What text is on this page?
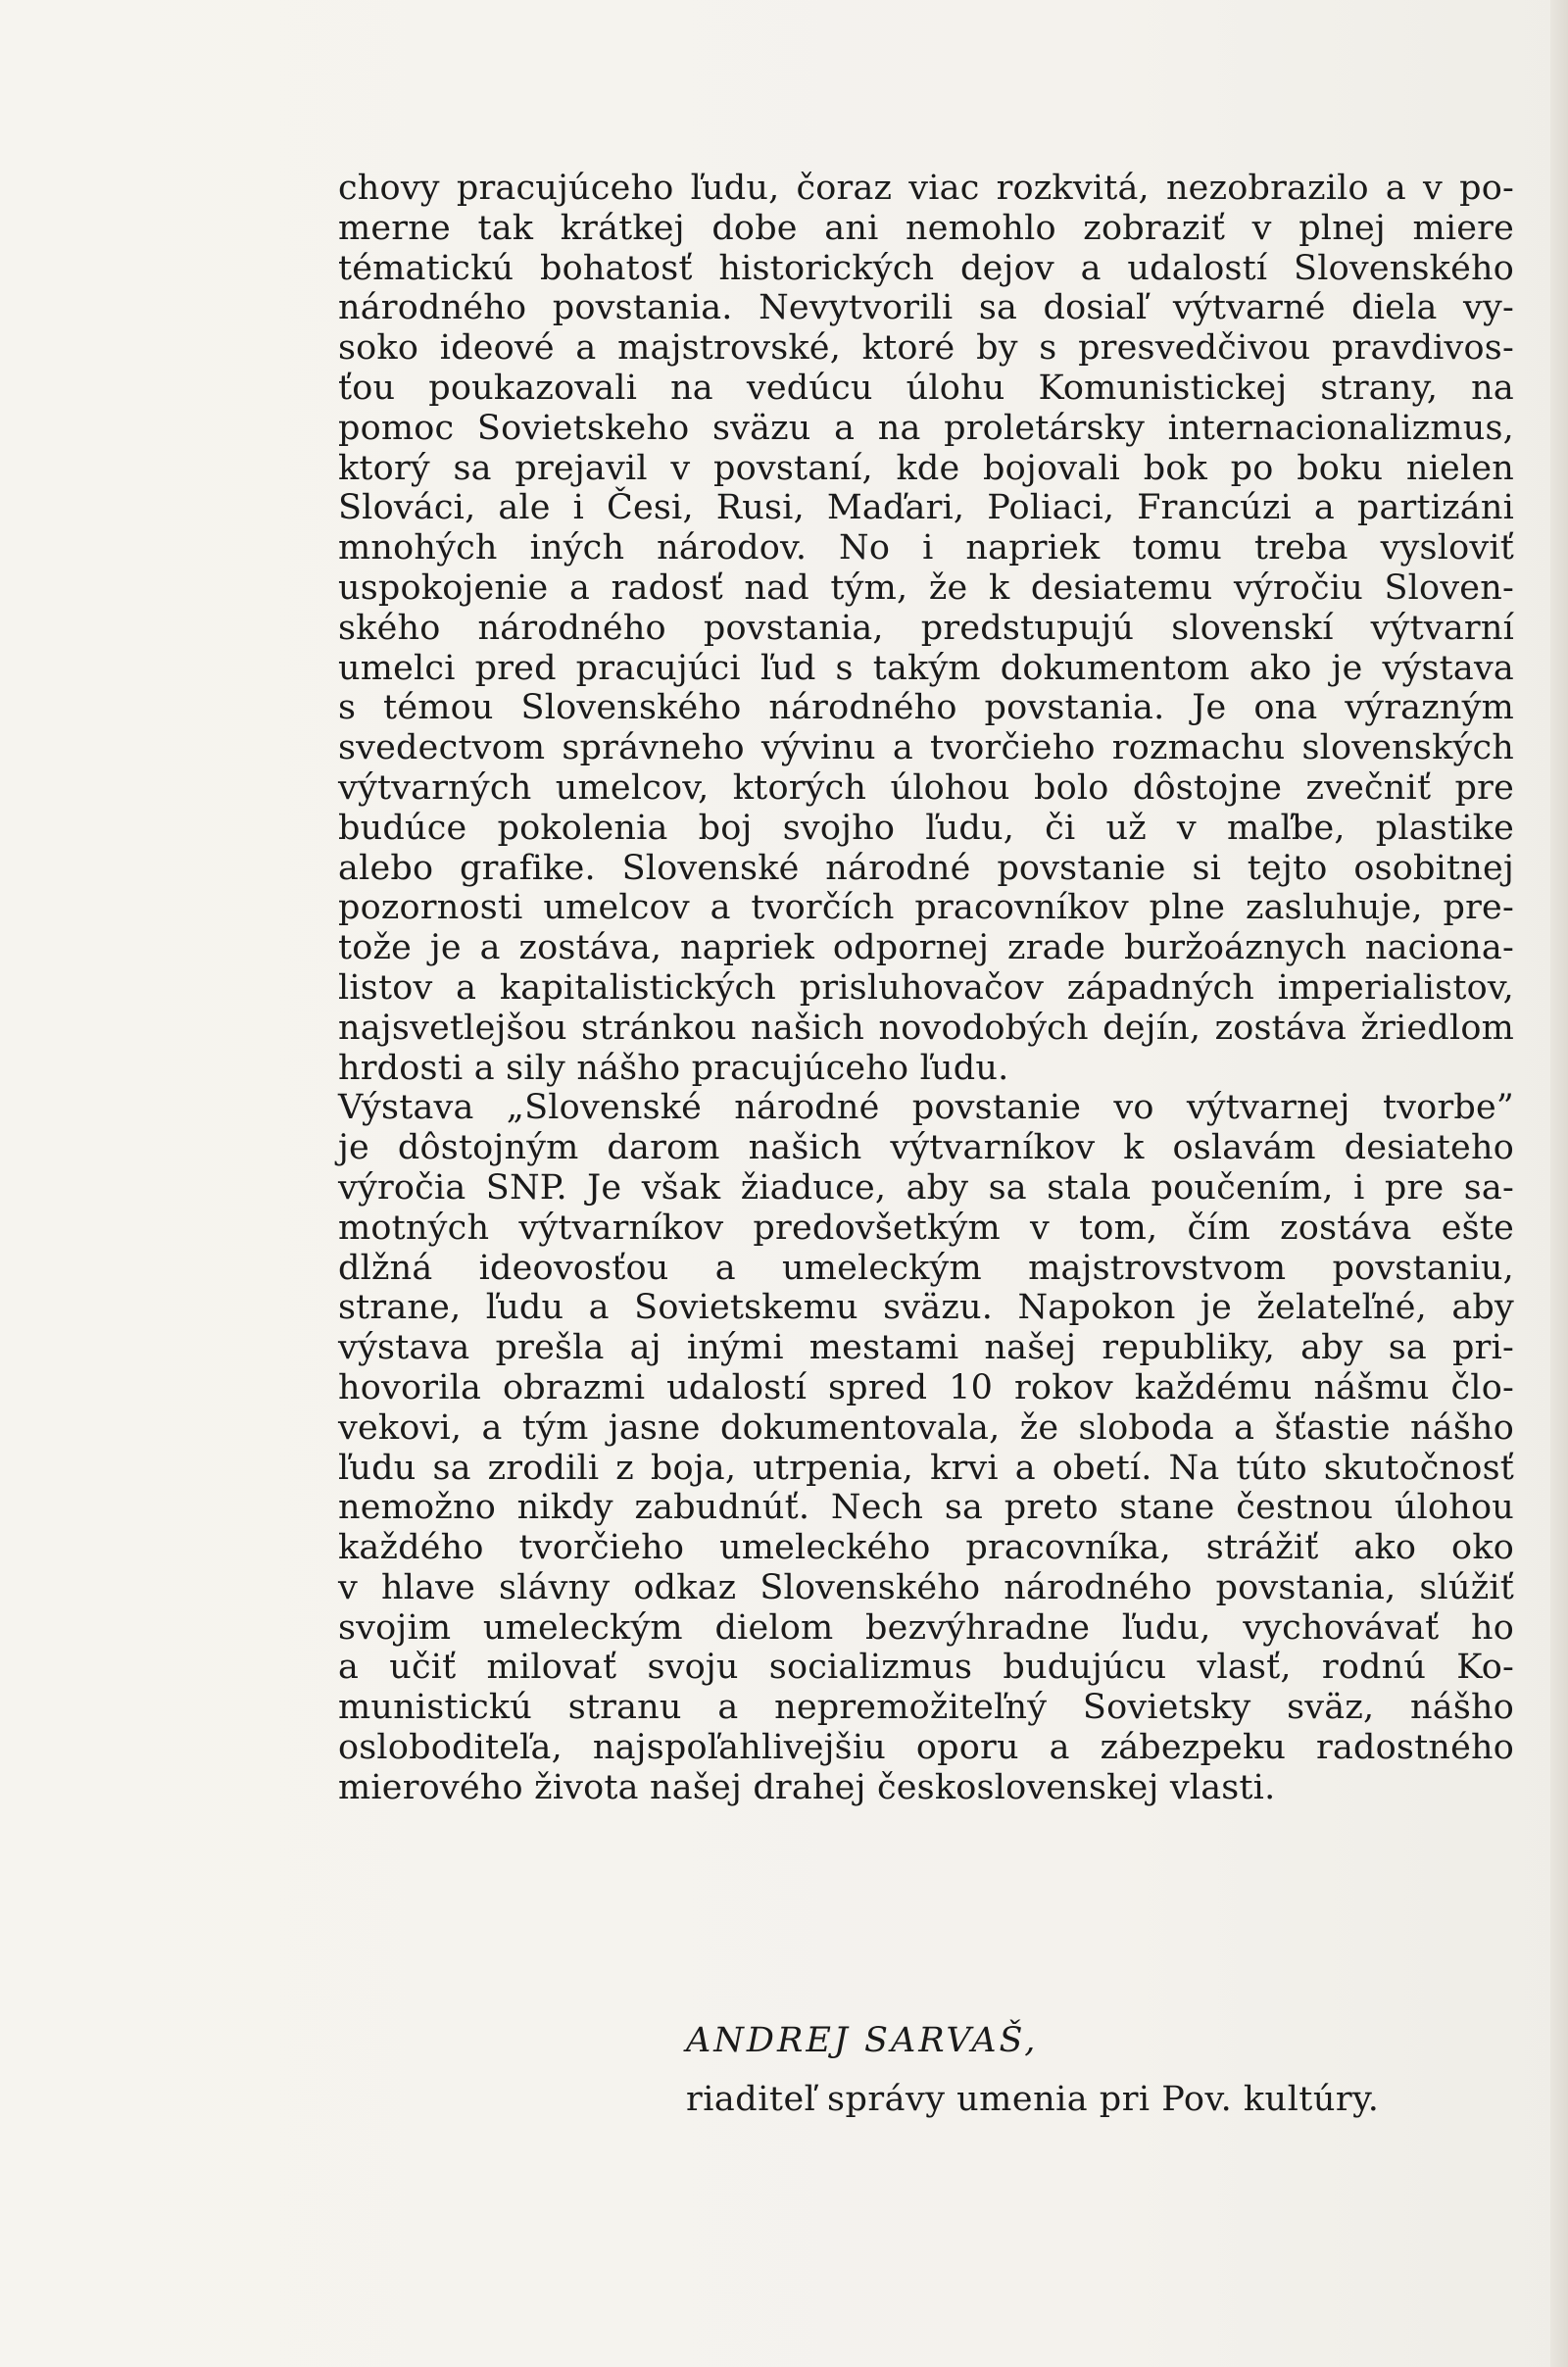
chovy pracujúceho ľudu, čoraz viac rozkvitá, nezobrazilo a v po-
merne tak krátkej dobe ani nemohlo zobraziť v plnej miere
tématickú bohatosť historických dejov a udalostí Slovenského
národného povstania. Nevytvorili sa dosiaľ výtvarné diela vy-
soko ideové a majstrovské, ktoré by s presvedčivou pravdivos-
ťou poukazovali na vedúcu úlohu Komunistickej strany, na
pomoc Sovietskeho sväzu a na proletársky internacionalizmus,
ktorý sa prejavil v povstaní, kde bojovali bok po boku nielen
Slováci, ale i Česi, Rusi, Maďari, Poliaci, Francúzi a partizáni
mnohých iných národov. No i napriek tomu treba vysloviť
uspokojenie a radosť nad tým, že k desiatemu výročiu Sloven-
ského národného povstania, predstupujú slovenskí výtvarní
umelci pred pracujúci ľud s takým dokumentom ako je výstava
s témou Slovenského národného povstania. Je ona výrazným
svedectvom správneho vývinu a tvorčieho rozmachu slovenských
výtvarných umelcov, ktorých úlohou bolo dôstojne zvečniť pre
budúce pokolenia boj svojho ľudu, či už v maľbe, plastike
alebo grafike. Slovenské národné povstanie si tejto osobitnej
pozornosti umelcov a tvorčích pracovníkov plne zasluhuje, pre-
tože je a zostáva, napriek odpornej zrade buržoáznych naciona-
listov a kapitalistických prisluhovačov západných imperialistov,
najsvetlejšou stránkou našich novodobých dejín, zostáva žriedlom
hrdosti a sily nášho pracujúceho ľudu.
Výstava „Slovenské národné povstanie vo výtvarnej tvorbe”
je dôstojným darom našich výtvarníkov k oslavám desiateho
výročia SNP. Je však žiaduce, aby sa stala poučením, i pre sa-
motných výtvarníkov predovšetkým v tom, čím zostáva ešte
dlžná ideovosťou a umeleckým majstrovstvom povstaniu,
strane, ľudu a Sovietskemu sväzu. Napokon je želateľné, aby
výstava prešla aj inými mestami našej republiky, aby sa pri-
hovorila obrazmi udalostí spred 10 rokov každému nášmu člo-
vekovi, a tým jasne dokumentovala, že sloboda a šťastie nášho
ľudu sa zrodili z boja, utrpenia, krvi a obetí. Na túto skutočnosť
nemožno nikdy zabudnúť. Nech sa preto stane čestnou úlohou
každého tvorčieho umeleckého pracovníka, strážiť ako oko
v hlave slávny odkaz Slovenského národného povstania, slúžiť
svojim umeleckým dielom bezvýhradne ľudu, vychovávať ho
a učiť milovať svoju socializmus budujúcu vlasť, rodnú Ko-
munistickú stranu a nepremožiteľný Sovietsky sväz, nášho
osloboditeľa, najspoľahlivejšiu oporu a zábezpeku radostného
mierového života našej drahej československej vlasti.
ANDREJ SARVAŠ,
riaditeľ správy umenia pri Pov. kultúry.
